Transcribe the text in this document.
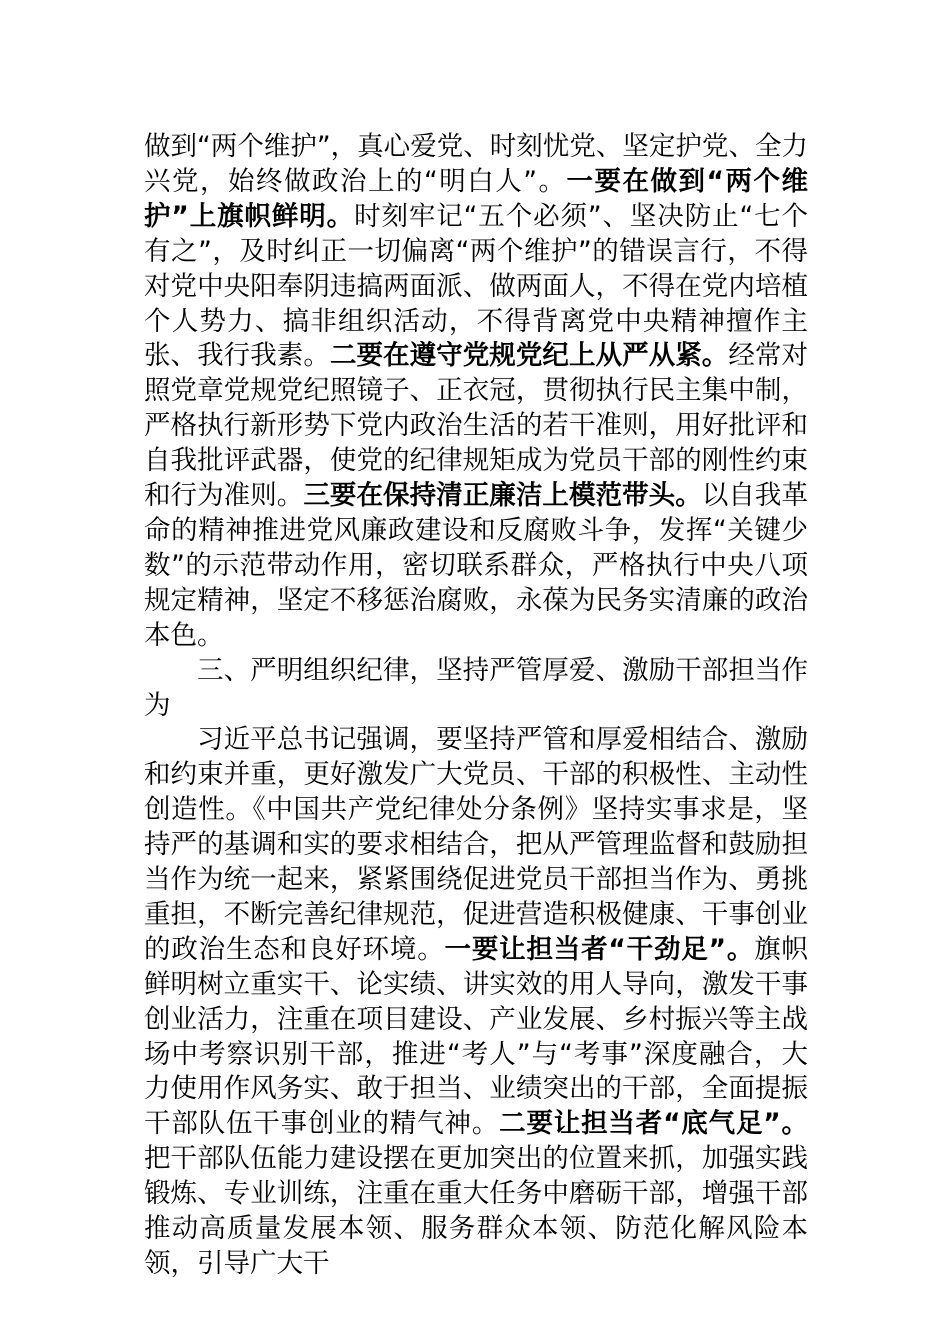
做到“两个维护”，真心爱党、时刻忧党、坚定护党、全力兴党，始终做政治上的“明白人”。一要在做到“两个维护”上旗帜鲜明。时刻牢记“五个必须”、坚决防止“七个有之”，及时纠正一切偏离“两个维护”的错误言行，不得对党中央阳奉阴违搞两面派、做两面人，不得在党内培植个人势力、搞非组织活动，不得背离党中央精神擅作主张、我行我素。二要在遵守党规党纪上从严从紧。经常对照党章党规党纪照镜子、正衣冠，贯彻执行民主集中制，严格执行新形势下党内政治生活的若干准则，用好批评和自我批评武器，使党的纪律规矩成为党员干部的刚性约束和行为准则。三要在保持清正廉洁上模范带头。以自我革命的精神推进党风廉政建设和反腐败斗争，发挥“关键少数”的示范带动作用，密切联系群众，严格执行中央八项规定精神，坚定不移惩治腐败，永葆为民务实清廉的政治本色。

三、严明组织纪律，坚持严管厚爱、激励干部担当作为

习近平总书记强调，要坚持严管和厚爱相结合、激励和约束并重，更好激发广大党员、干部的积极性、主动性创造性。《中国共产党纪律处分条例》坚持实事求是，坚持严的基调和实的要求相结合，把从严管理监督和鼓励担当作为统一起来，紧紧围绕促进党员干部担当作为、勇挑重担，不断完善纪律规范，促进营造积极健康、干事创业的政治生态和良好环境。一要让担当者“干劲足”。旗帜鲜明树立重实干、论实绩、讲实效的用人导向，激发干事创业活力，注重在项目建设、产业发展、乡村振兴等主战场中考察识别干部，推进“考人”与“考事”深度融合，大力使用作风务实、敢于担当、业绩突出的干部，全面提振干部队伍干事创业的精气神。二要让担当者“底气足”。把干部队伍能力建设摆在更加突出的位置来抓，加强实践锻炼、专业训练，注重在重大任务中磨砺干部，增强干部推动高质量发展本领、服务群众本领、防范化解风险本领，引导广大干
